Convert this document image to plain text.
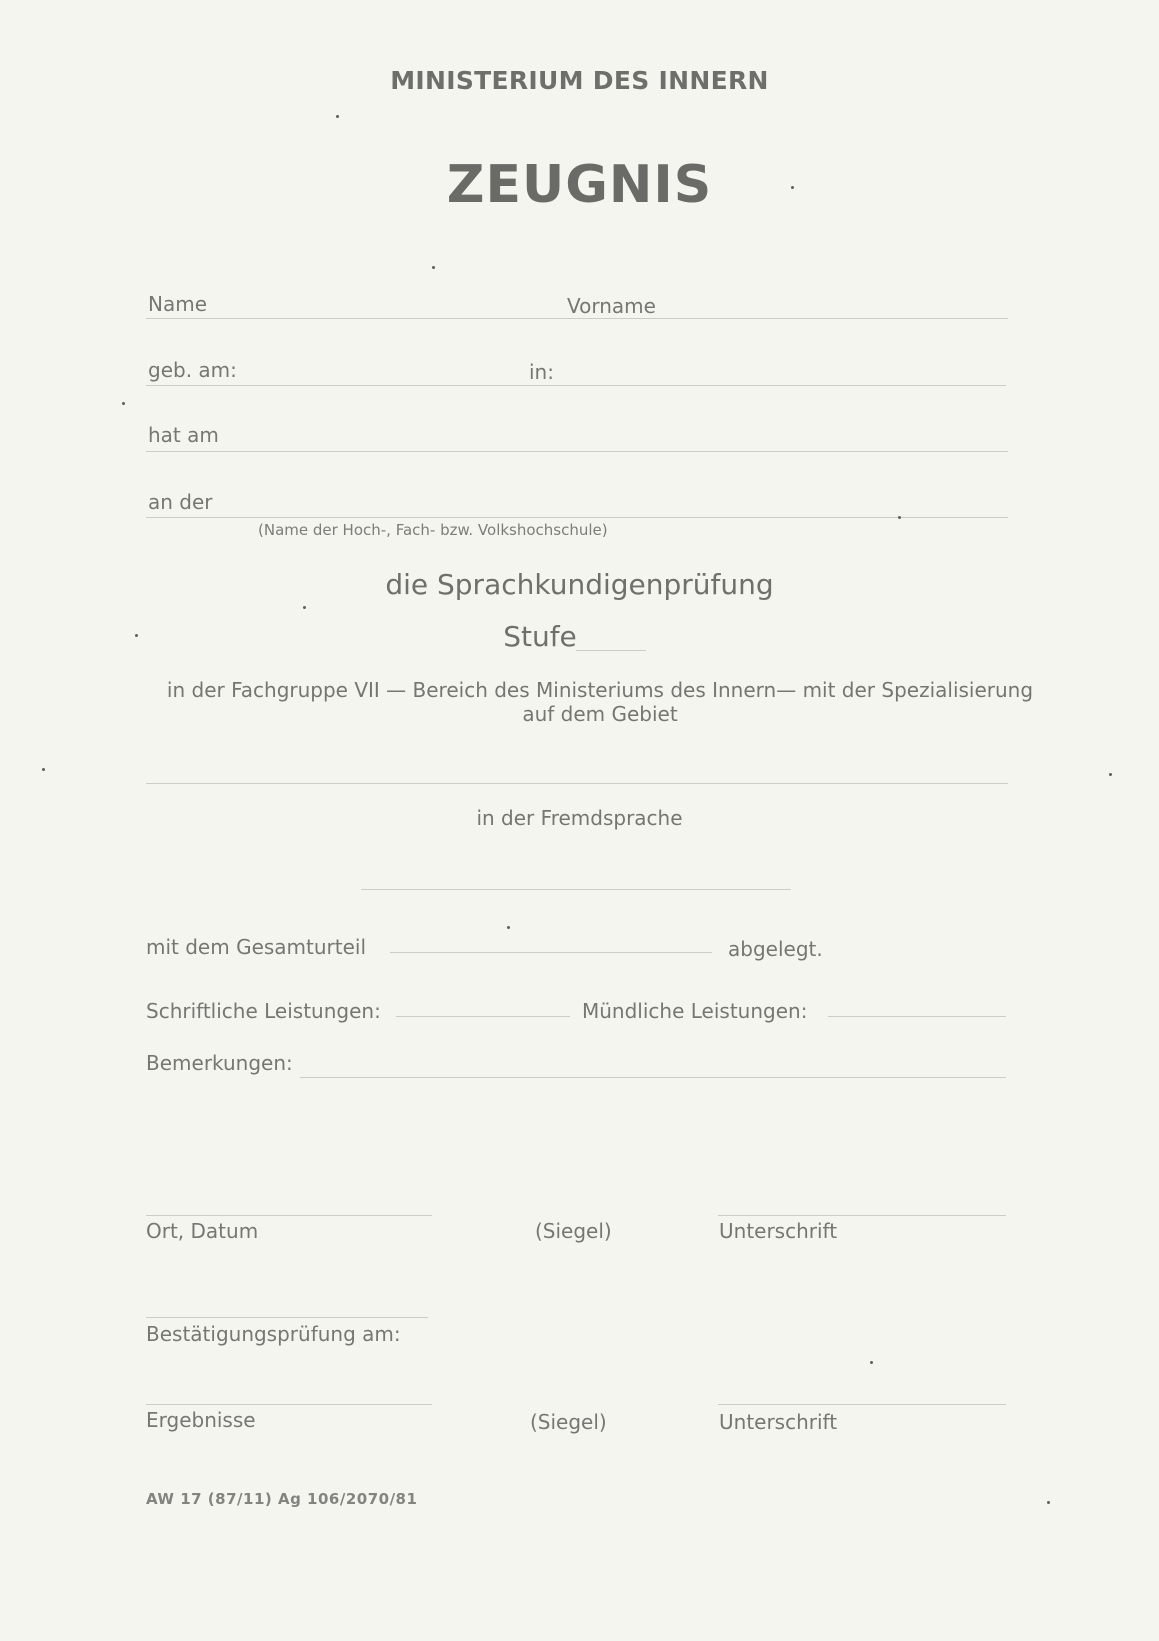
MINISTERIUM DES INNERN
ZEUGNIS
Name	Vorname
geb. am:	in:
hat am
an der
(Name der Hoch-, Fach- bzw. Volkshochschule)
die Sprachkundigenprüfung
Stufe
in der Fachgruppe VII — Bereich des Ministeriums des Innern— mit der Spezialisierung auf dem Gebiet
in der Fremdsprache
mit dem Gesamturteil	abgelegt.
Schriftliche Leistungen:	Mündliche Leistungen:
Bemerkungen:
Ort, Datum	(Siegel)	Unterschrift
Bestätigungsprüfung am:
Ergebnisse	(Siegel)	Unterschrift
AW 17 (87/11) Ag 106/2070/81
